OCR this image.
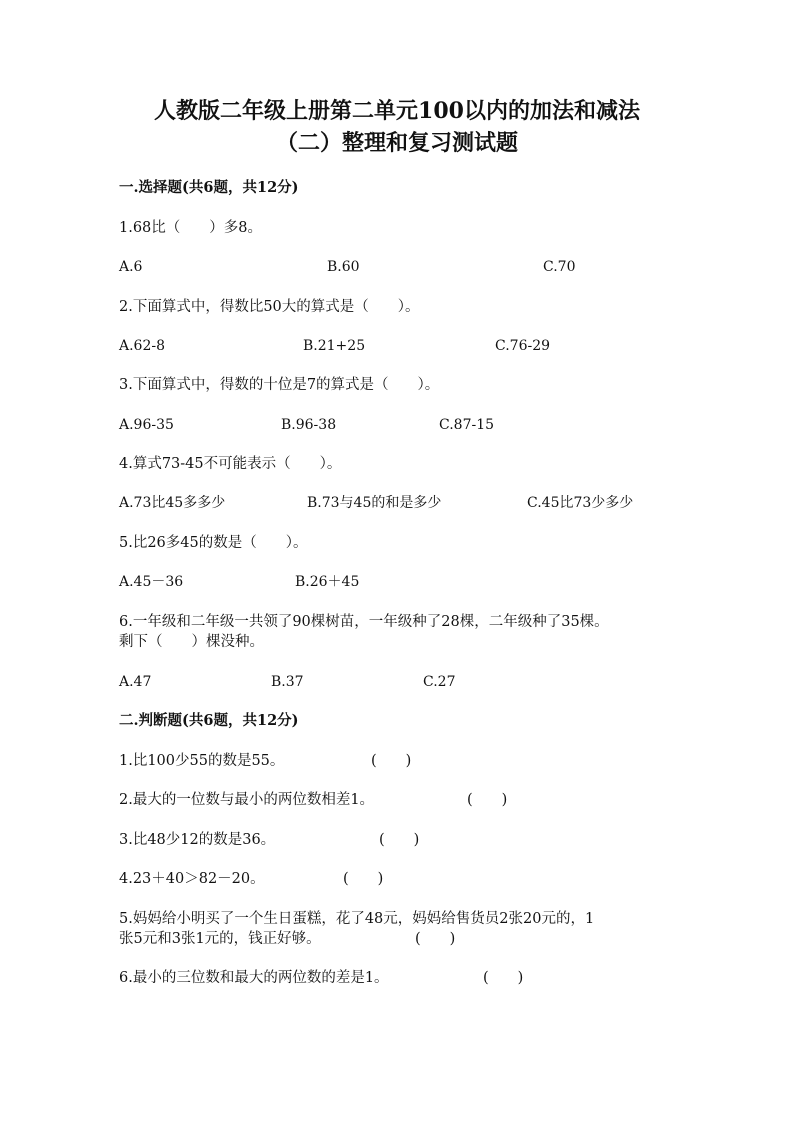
人教版二年级上册第二单元100以内的加法和减法
（二）整理和复习测试题
一.选择题(共6题，共12分)
1.68比（　　）多8。
A.6	B.60	C.70
2.下面算式中，得数比50大的算式是（　　）。
A.62-8	B.21+25	C.76-29
3.下面算式中，得数的十位是7的算式是（　　）。
A.96-35	B.96-38	C.87-15
4.算式73-45不可能表示（　　）。
A.73比45多多少	B.73与45的和是多少	C.45比73少多少
5.比26多45的数是（　　）。
A.45－36	B.26＋45
6.一年级和二年级一共领了90棵树苗，一年级种了28棵，二年级种了35棵。
剩下（　　）棵没种。
A.47	B.37	C.27
二.判断题(共6题，共12分)
1.比100少55的数是55。	(　　)
2.最大的一位数与最小的两位数相差1。	(　　)
3.比48少12的数是36。	(　　)
4.23＋40＞82－20。	(　　)
5.妈妈给小明买了一个生日蛋糕，花了48元，妈妈给售货员2张20元的，1
张5元和3张1元的，钱正好够。	(　　)
6.最小的三位数和最大的两位数的差是1。	(　　)
